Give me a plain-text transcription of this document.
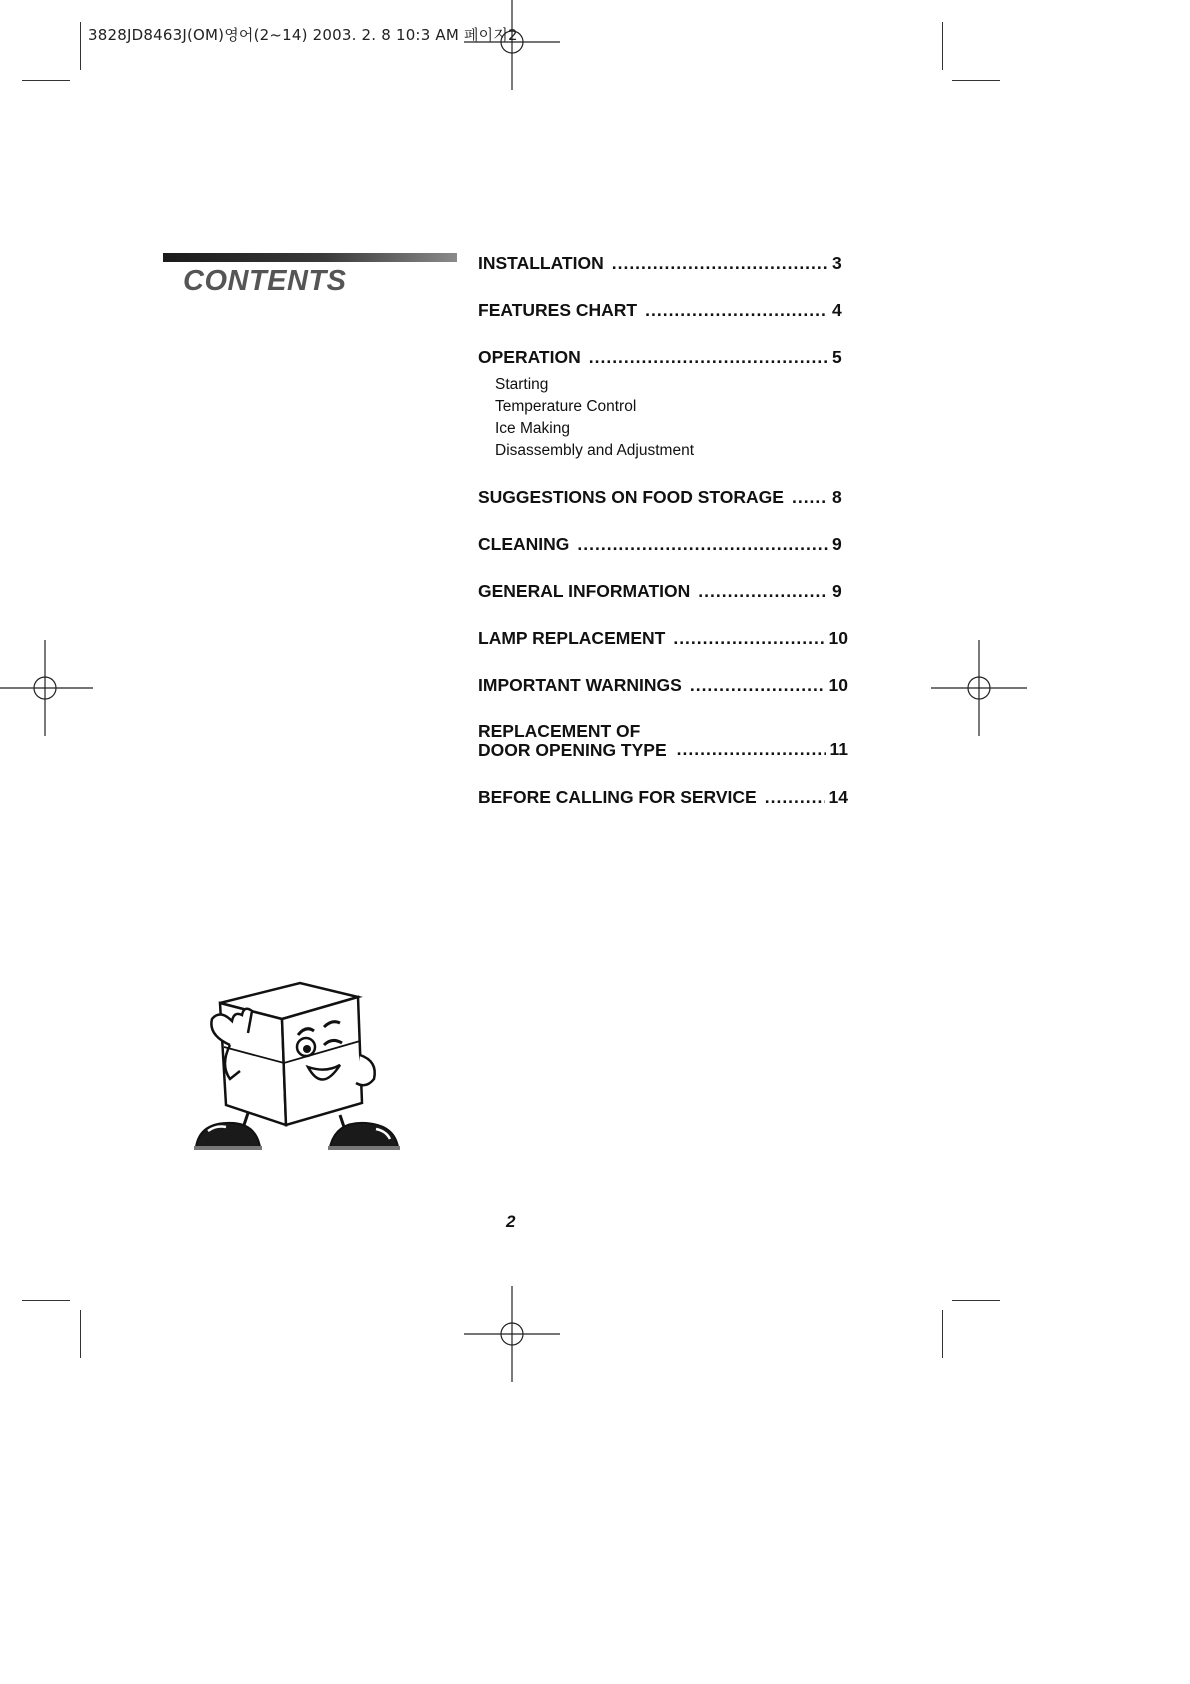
3828JD8463J(OM)영어(2~14) 2003. 2. 8 10:3 AM 페이지2
CONTENTS
INSTALLATION .....	3
FEATURES CHART .....	4
OPERATION .....	5
Starting
Temperature Control
Ice Making
Disassembly and Adjustment
SUGGESTIONS ON FOOD STORAGE .....	8
CLEANING .....	9
GENERAL INFORMATION .....	9
LAMP REPLACEMENT .....	10
IMPORTANT WARNINGS .....	10
REPLACEMENT OF
DOOR OPENING TYPE .....	11
BEFORE CALLING FOR SERVICE .....	14
2
